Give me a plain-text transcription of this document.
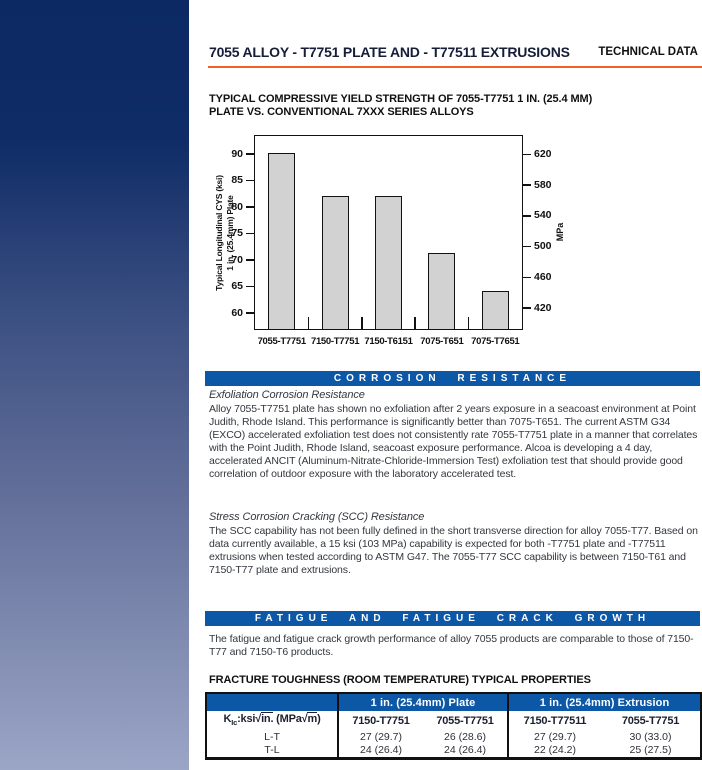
7055 ALLOY - T7751 PLATE AND - T77511 EXTRUSIONS TECHNICAL DATA
TYPICAL COMPRESSIVE YIELD STRENGTH OF 7055-T7751 1 IN. (25.4 MM)
PLATE VS. CONVENTIONAL 7XXX SERIES ALLOYS
Typical Longitudinal CYS (ksi) 1 in. (25.4mm) Plate
90
85
80
75
70
65
60
620
580
540
500
460
420
7055-T7751 7150-T7751 7150-T6151 7075-T651 7075-T7651
MPa
CORROSION RESISTANCE
Exfoliation Corrosion Resistance

Alloy 7055-T7751 plate has shown no exfoliation after 2 years exposure in a seacoast environment at Point Judith, Rhode Island. This performance is significantly better than 7075-T651. The current ASTM G34 (EXCO) accelerated exfoliation test does not consistently rate 7055-T7751 plate in a manner that correlates with the Point Judith, Rhode Island, seacoast exposure performance. Alcoa is developing a 4 day, accelerated ANCIT (Aluminum-Nitrate-Chloride-Immersion Test) exfoliation test that should provide good correlation of outdoor exposure with the laboratory accelerated test.

Stress Corrosion Cracking (SCC) Resistance

The SCC capability has not been fully defined in the short transverse direction for alloy 7055-T77. Based on data currently available, a 15 ksi (103 MPa) capability is expected for both -T7751 plate and -T77511 extrusions when tested according to ASTM G47. The 7055-T77 SCC capability is between 7150-T61 and 7150-T77 plate and extrusions.

FATIGUE AND FATIGUE CRACK GROWTH

The fatigue and fatigue crack growth performance of alloy 7055 products are comparable to those of 7150-T77 and 7150-T6 products.

FRACTURE TOUGHNESS (ROOM TEMPERATURE) TYPICAL PROPERTIES
	1 in. (25.4mm) Plate		1 in. (25.4mm) Extrusion	
$K_{Ic}:ksi√in$. (MPa√m)	7150-T7751	7055-T7751	7150-T77511	7055-T7751
L-T	27 (29.7)	26 (28.6)	27 (29.7)	30 (33.0)
T-L	24 (26.4)	24 (26.4)	22 (24.2)	25 (27.5)
